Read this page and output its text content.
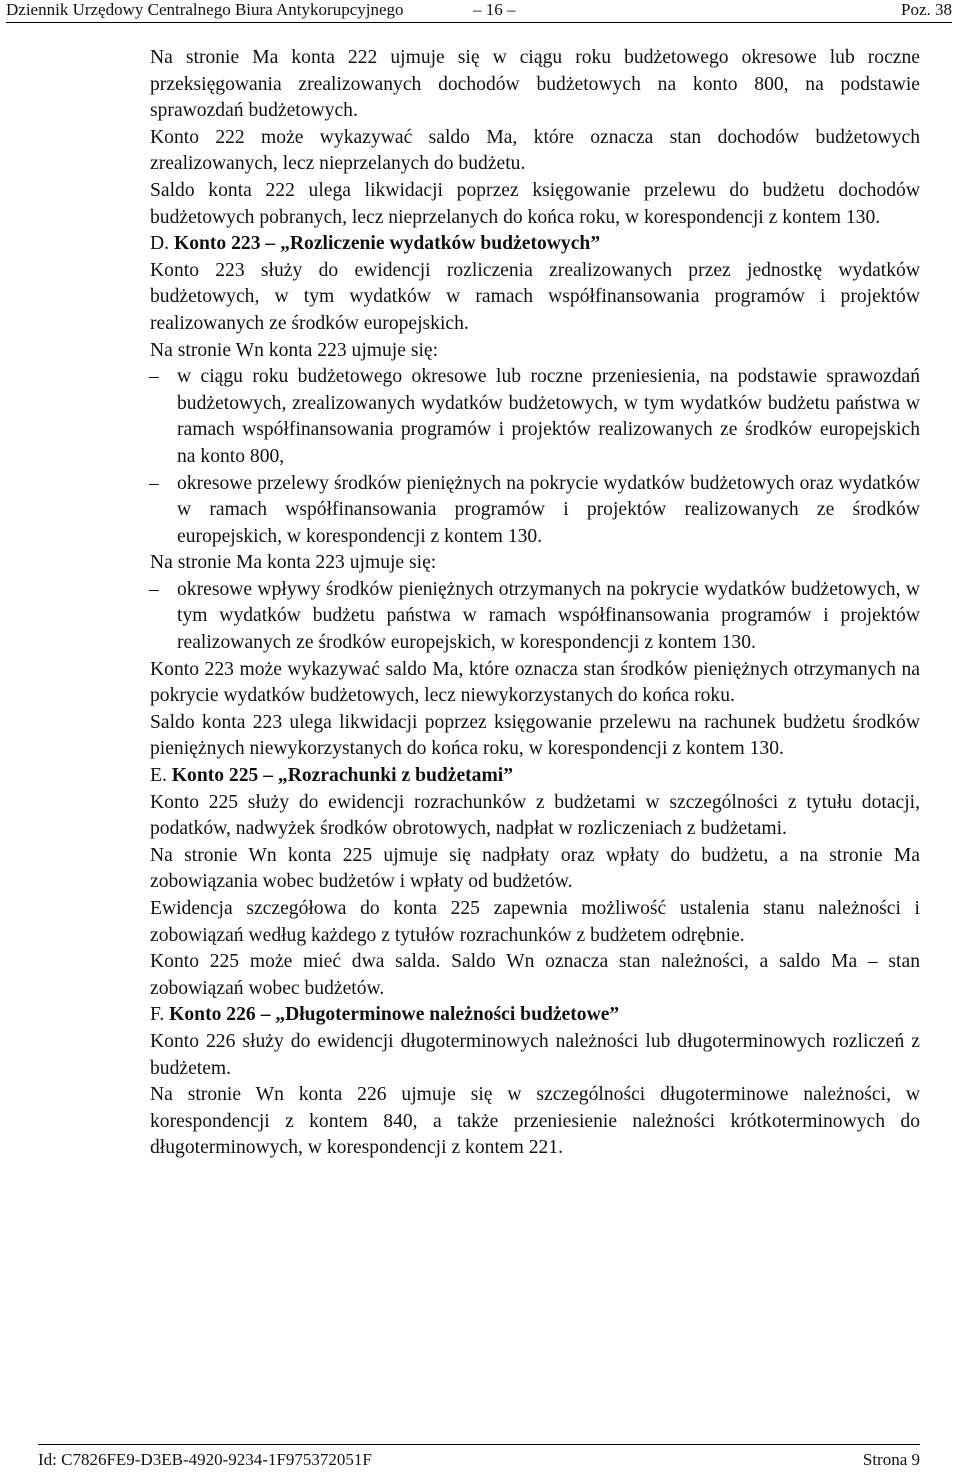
Dziennik Urzędowy Centralnego Biura Antykorupcyjnego	– 16 –	Poz. 38

Na stronie Ma konta 222 ujmuje się w ciągu roku budżetowego okresowe lub roczne przeksięgowania zrealizowanych dochodów budżetowych na konto 800, na podstawie sprawozdań budżetowych.

Konto 222 może wykazywać saldo Ma, które oznacza stan dochodów budżetowych zrealizowanych, lecz nieprzelanych do budżetu.

Saldo konta 222 ulega likwidacji poprzez księgowanie przelewu do budżetu dochodów budżetowych pobranych, lecz nieprzelanych do końca roku, w korespondencji z kontem 130.

D. Konto 223 – „Rozliczenie wydatków budżetowych”

Konto 223 służy do ewidencji rozliczenia zrealizowanych przez jednostkę wydatków budżetowych, w tym wydatków w ramach współfinansowania programów i projektów realizowanych ze środków europejskich.

Na stronie Wn konta 223 ujmuje się:

– w ciągu roku budżetowego okresowe lub roczne przeniesienia, na podstawie sprawozdań budżetowych, zrealizowanych wydatków budżetowych, w tym wydatków budżetu państwa w ramach współfinansowania programów i projektów realizowanych ze środków europejskich na konto 800,
– okresowe przelewy środków pieniężnych na pokrycie wydatków budżetowych oraz wydatków w ramach współfinansowania programów i projektów realizowanych ze środków europejskich, w korespondencji z kontem 130.

Na stronie Ma konta 223 ujmuje się:

– okresowe wpływy środków pieniężnych otrzymanych na pokrycie wydatków budżetowych, w tym wydatków budżetu państwa w ramach współfinansowania programów i projektów realizowanych ze środków europejskich, w korespondencji z kontem 130.

Konto 223 może wykazywać saldo Ma, które oznacza stan środków pieniężnych otrzymanych na pokrycie wydatków budżetowych, lecz niewykorzystanych do końca roku.

Saldo konta 223 ulega likwidacji poprzez księgowanie przelewu na rachunek budżetu środków pieniężnych niewykorzystanych do końca roku, w korespondencji z kontem 130.

E. Konto 225 – „Rozrachunki z budżetami”

Konto 225 służy do ewidencji rozrachunków z budżetami w szczególności z tytułu dotacji, podatków, nadwyżek środków obrotowych, nadpłat w rozliczeniach z budżetami.

Na stronie Wn konta 225 ujmuje się nadpłaty oraz wpłaty do budżetu, a na stronie Ma zobowiązania wobec budżetów i wpłaty od budżetów.

Ewidencja szczegółowa do konta 225 zapewnia możliwość ustalenia stanu należności i zobowiązań według każdego z tytułów rozrachunków z budżetem odrębnie.

Konto 225 może mieć dwa salda. Saldo Wn oznacza stan należności, a saldo Ma – stan zobowiązań wobec budżetów.

F. Konto 226 – „Długoterminowe należności budżetowe”

Konto 226 służy do ewidencji długoterminowych należności lub długoterminowych rozliczeń z budżetem.

Na stronie Wn konta 226 ujmuje się w szczególności długoterminowe należności, w korespondencji z kontem 840, a także przeniesienie należności krótkoterminowych do długoterminowych, w korespondencji z kontem 221.

Id: C7826FE9-D3EB-4920-9234-1F975372051F	Strona 9
